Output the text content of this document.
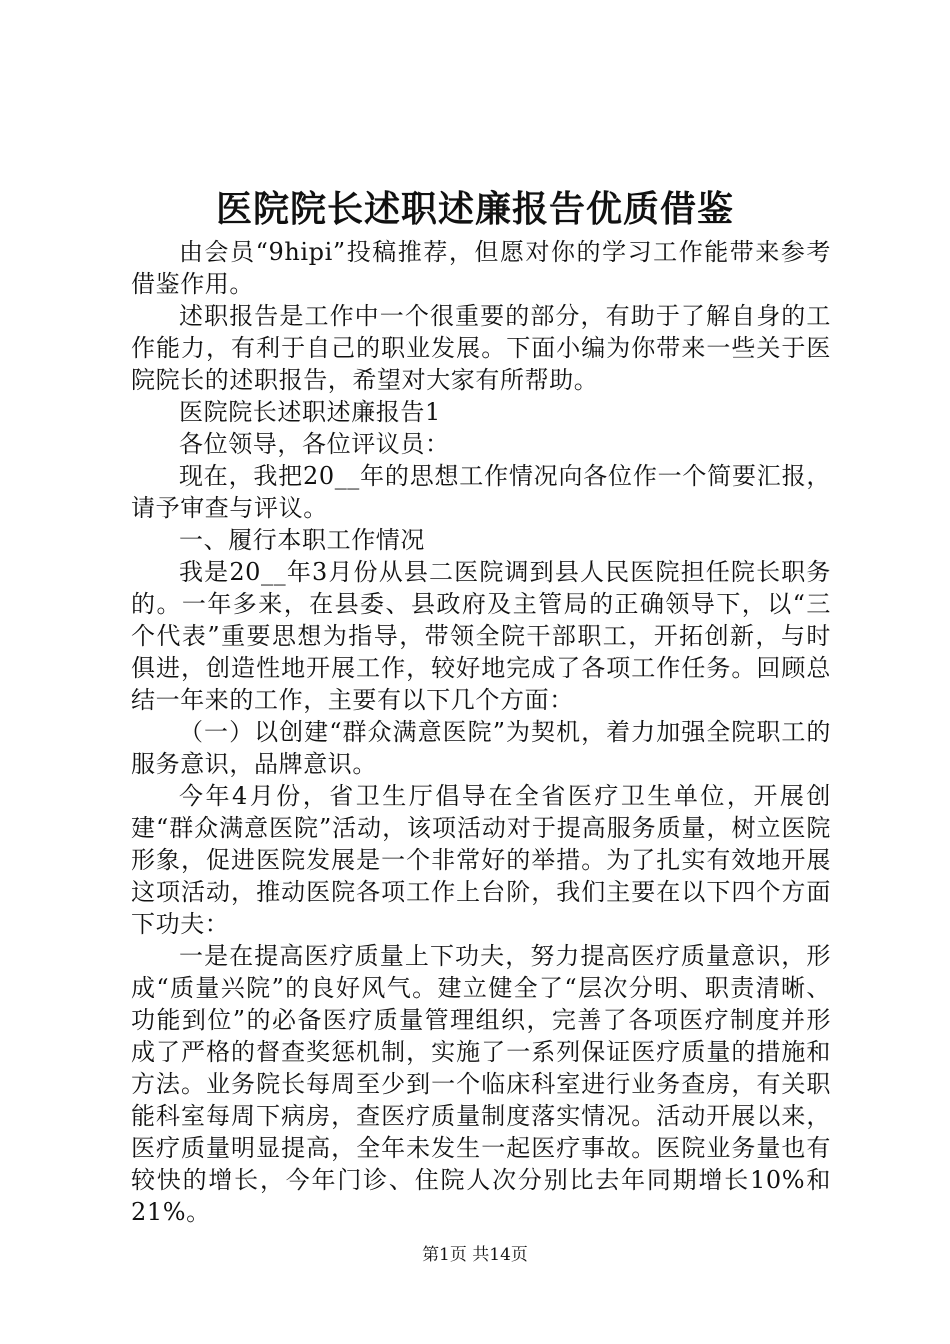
医院院长述职述廉报告优质借鉴

由会员“9hipi”投稿推荐，但愿对你的学习工作能带来参考借鉴作用。

述职报告是工作中一个很重要的部分，有助于了解自身的工作能力，有利于自己的职业发展。下面小编为你带来一些关于医院院长的述职报告，希望对大家有所帮助。

医院院长述职述廉报告1

各位领导，各位评议员：

现在，我把20__年的思想工作情况向各位作一个简要汇报，请予审查与评议。

一、履行本职工作情况

我是20__年3月份从县二医院调到县人民医院担任院长职务的。一年多来，在县委、县政府及主管局的正确领导下，以“三个代表”重要思想为指导，带领全院干部职工，开拓创新，与时俱进，创造性地开展工作，较好地完成了各项工作任务。回顾总结一年来的工作，主要有以下几个方面：

（一）以创建“群众满意医院”为契机，着力加强全院职工的服务意识，品牌意识。

今年4月份，省卫生厅倡导在全省医疗卫生单位，开展创建“群众满意医院”活动，该项活动对于提高服务质量，树立医院形象，促进医院发展是一个非常好的举措。为了扎实有效地开展这项活动，推动医院各项工作上台阶，我们主要在以下四个方面下功夫：

一是在提高医疗质量上下功夫，努力提高医疗质量意识，形成“质量兴院”的良好风气。建立健全了“层次分明、职责清晰、功能到位”的必备医疗质量管理组织，完善了各项医疗制度并形成了严格的督查奖惩机制，实施了一系列保证医疗质量的措施和方法。业务院长每周至少到一个临床科室进行业务查房，有关职能科室每周下病房，查医疗质量制度落实情况。活动开展以来，医疗质量明显提高，全年未发生一起医疗事故。医院业务量也有较快的增长，今年门诊、住院人次分别比去年同期增长10%和21%。

第1页 共14页
